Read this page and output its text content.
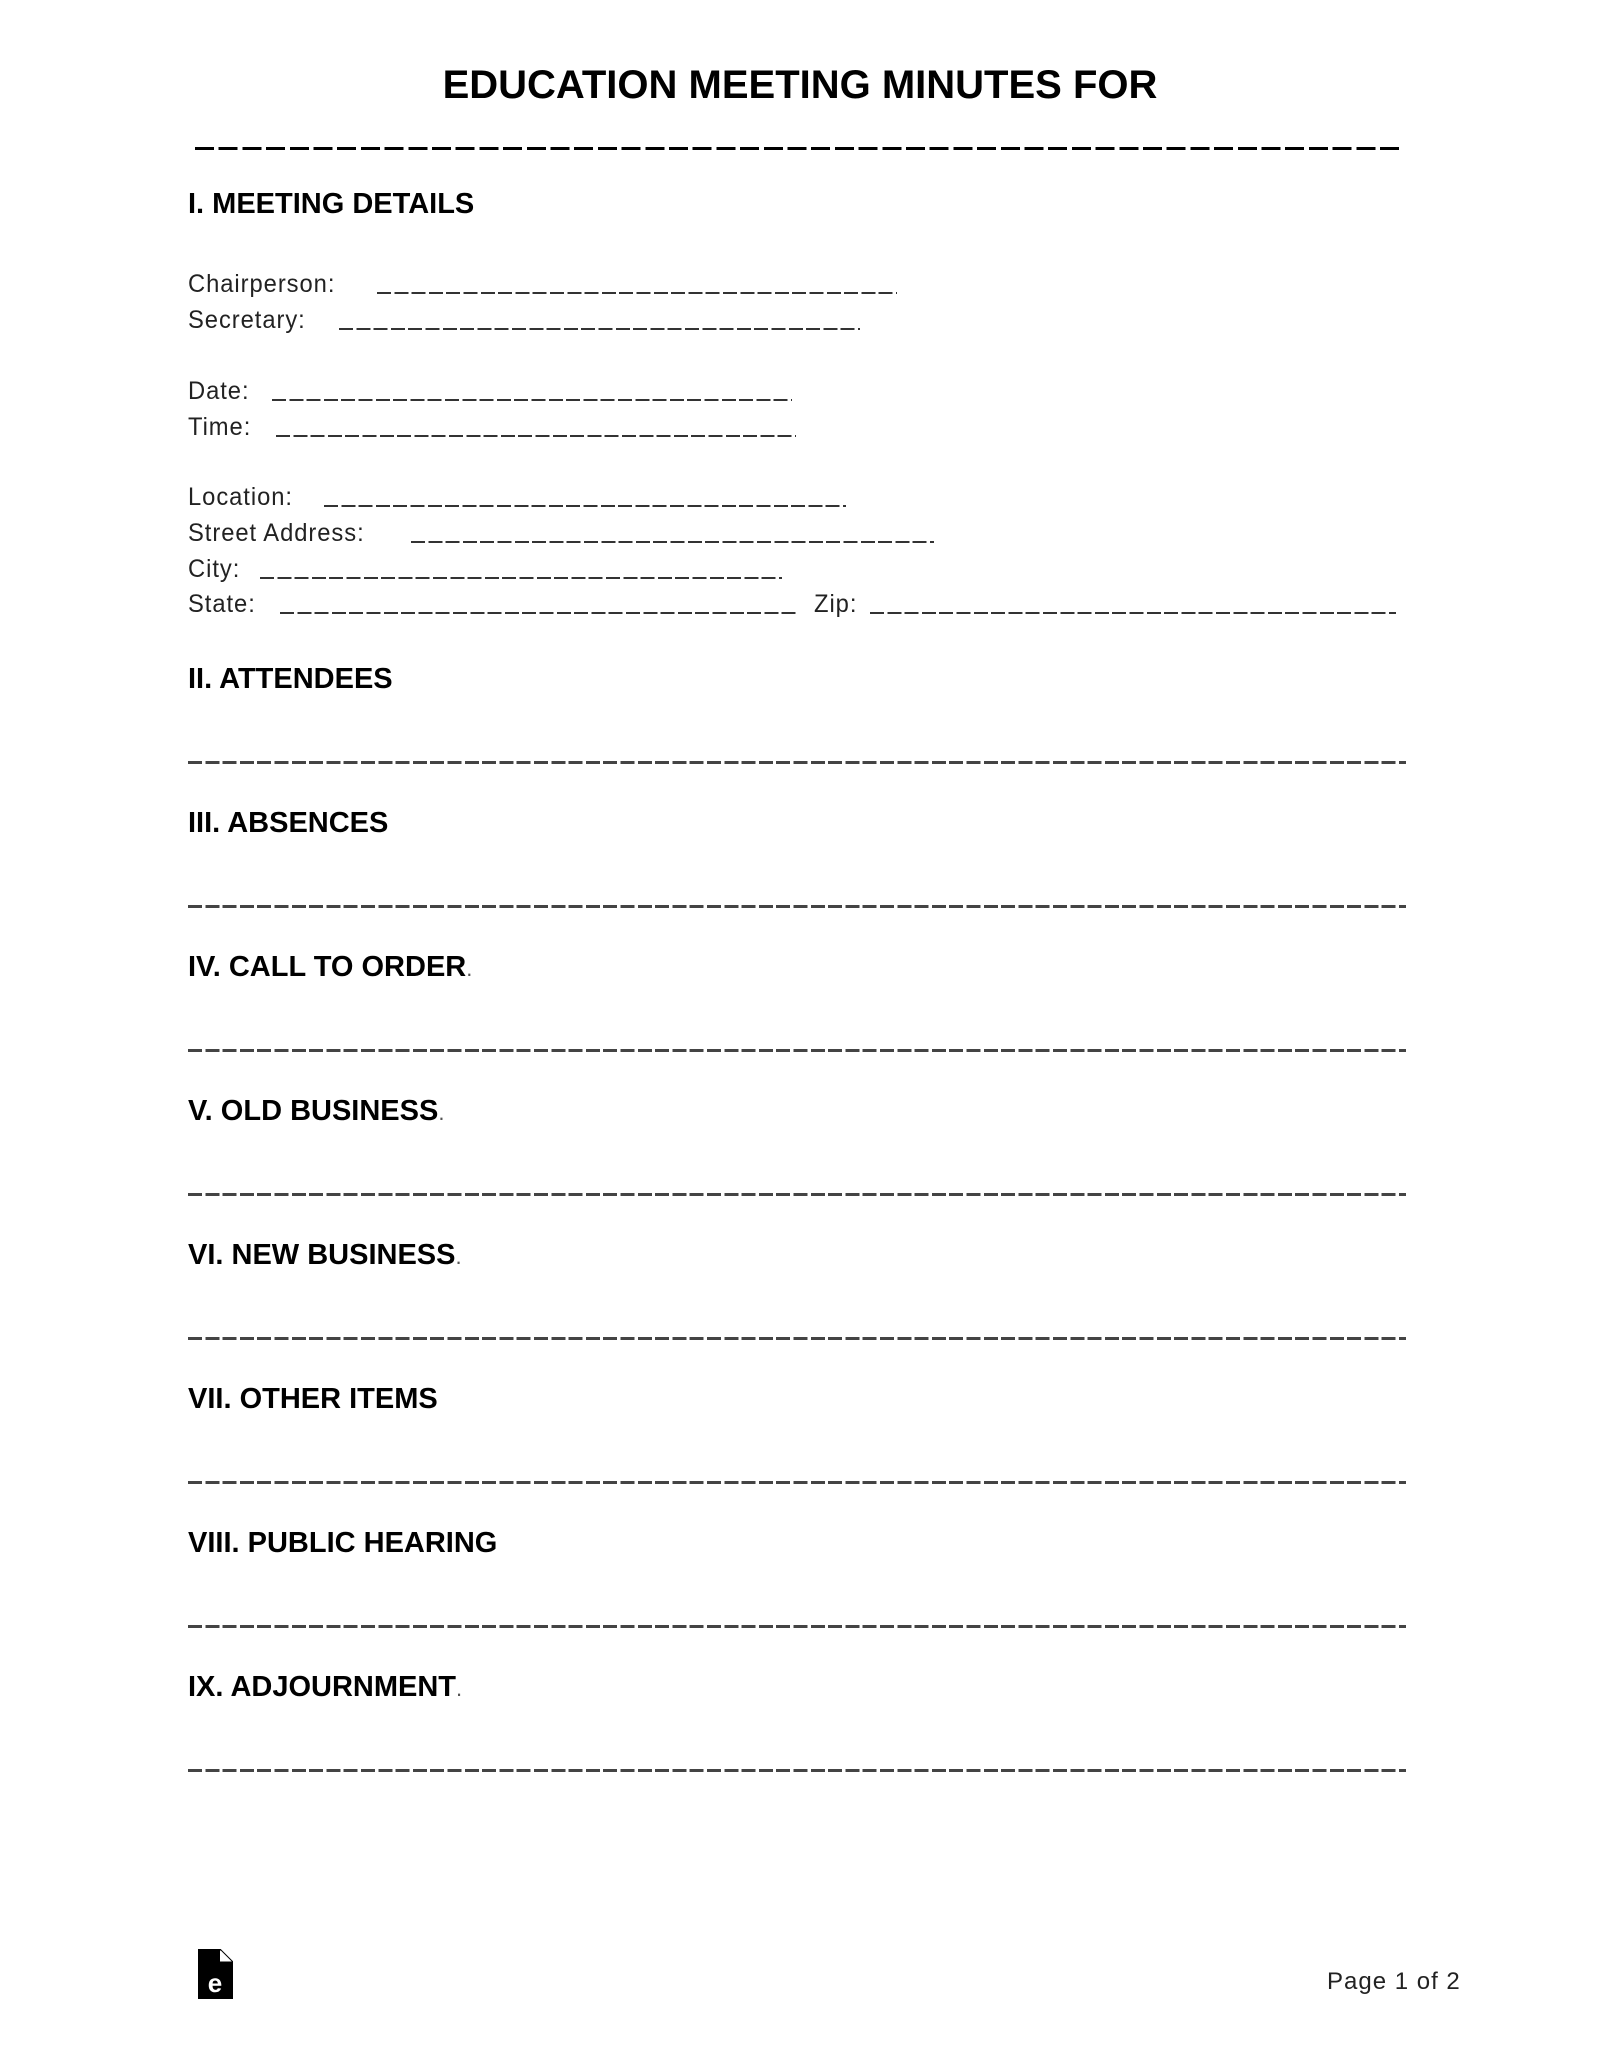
EDUCATION MEETING MINUTES FOR
I. MEETING DETAILS
Chairperson:
Secretary:
Date:
Time:
Location:
Street Address:
City:
State:	Zip:
II. ATTENDEES
III. ABSENCES
IV. CALL TO ORDER.
V. OLD BUSINESS.
VI. NEW BUSINESS.
VII. OTHER ITEMS
VIII. PUBLIC HEARING
IX. ADJOURNMENT.
e	Page 1 of 2
